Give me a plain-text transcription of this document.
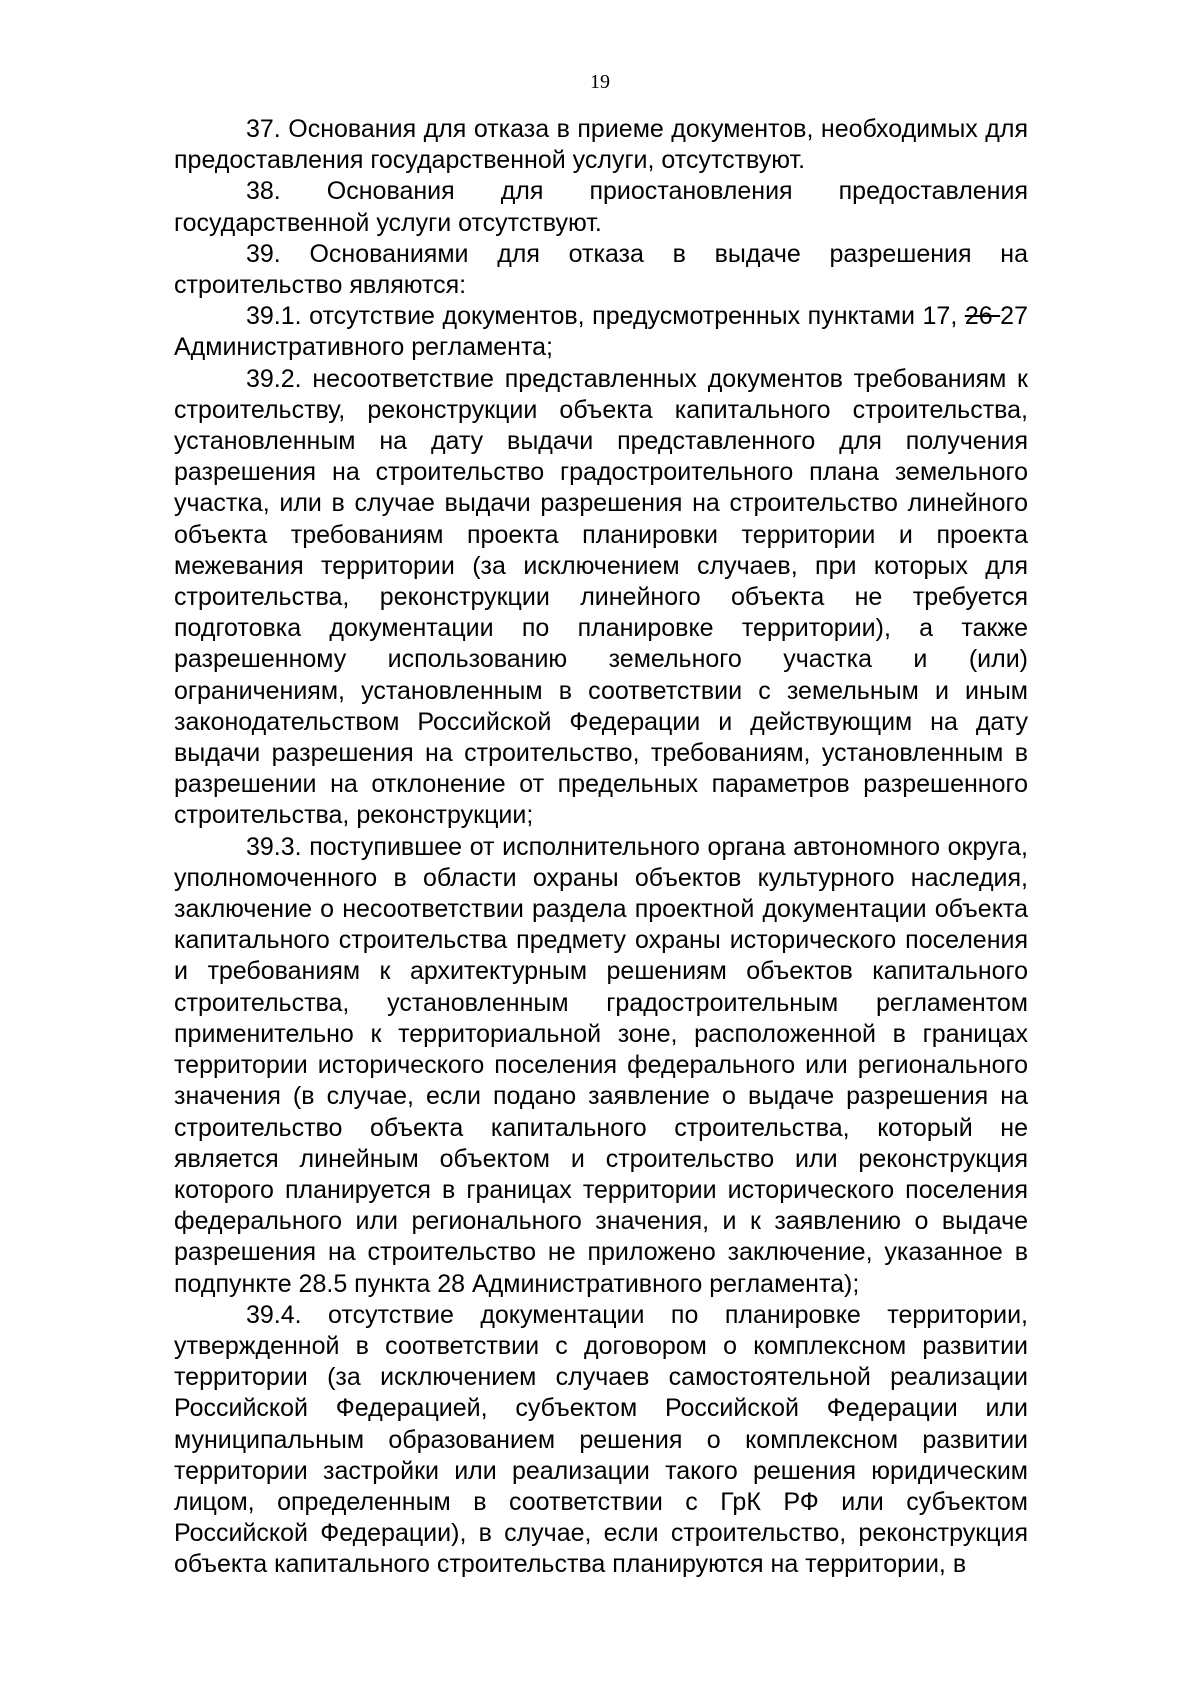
19

37. Основания для отказа в приеме документов, необходимых для предоставления государственной услуги, отсутствуют.

38. Основания для приостановления предоставления государственной услуги отсутствуют.

39. Основаниями для отказа в выдаче разрешения на строительство являются:

39.1. отсутствие документов, предусмотренных пунктами 17, 26 27 Административного регламента;

39.2. несоответствие представленных документов требованиям к строительству, реконструкции объекта капитального строительства, установленным на дату выдачи представленного для получения разрешения на строительство градостроительного плана земельного участка, или в случае выдачи разрешения на строительство линейного объекта требованиям проекта планировки территории и проекта межевания территории (за исключением случаев, при которых для строительства, реконструкции линейного объекта не требуется подготовка документации по планировке территории), а также разрешенному использованию земельного участка и (или) ограничениям, установленным в соответствии с земельным и иным законодательством Российской Федерации и действующим на дату выдачи разрешения на строительство, требованиям, установленным в разрешении на отклонение от предельных параметров разрешенного строительства, реконструкции;

39.3. поступившее от исполнительного органа автономного округа, уполномоченного в области охраны объектов культурного наследия, заключение о несоответствии раздела проектной документации объекта капитального строительства предмету охраны исторического поселения и требованиям к архитектурным решениям объектов капитального строительства, установленным градостроительным регламентом применительно к территориальной зоне, расположенной в границах территории исторического поселения федерального или регионального значения (в случае, если подано заявление о выдаче разрешения на строительство объекта капитального строительства, который не является линейным объектом и строительство или реконструкция которого планируется в границах территории исторического поселения федерального или регионального значения, и к заявлению о выдаче разрешения на строительство не приложено заключение, указанное в подпункте 28.5 пункта 28 Административного регламента);

39.4. отсутствие документации по планировке территории, утвержденной в соответствии с договором о комплексном развитии территории (за исключением случаев самостоятельной реализации Российской Федерацией, субъектом Российской Федерации или муниципальным образованием решения о комплексном развитии территории застройки или реализации такого решения юридическим лицом, определенным в соответствии с ГрК РФ или субъектом Российской Федерации), в случае, если строительство, реконструкция объекта капитального строительства планируются на территории, в
